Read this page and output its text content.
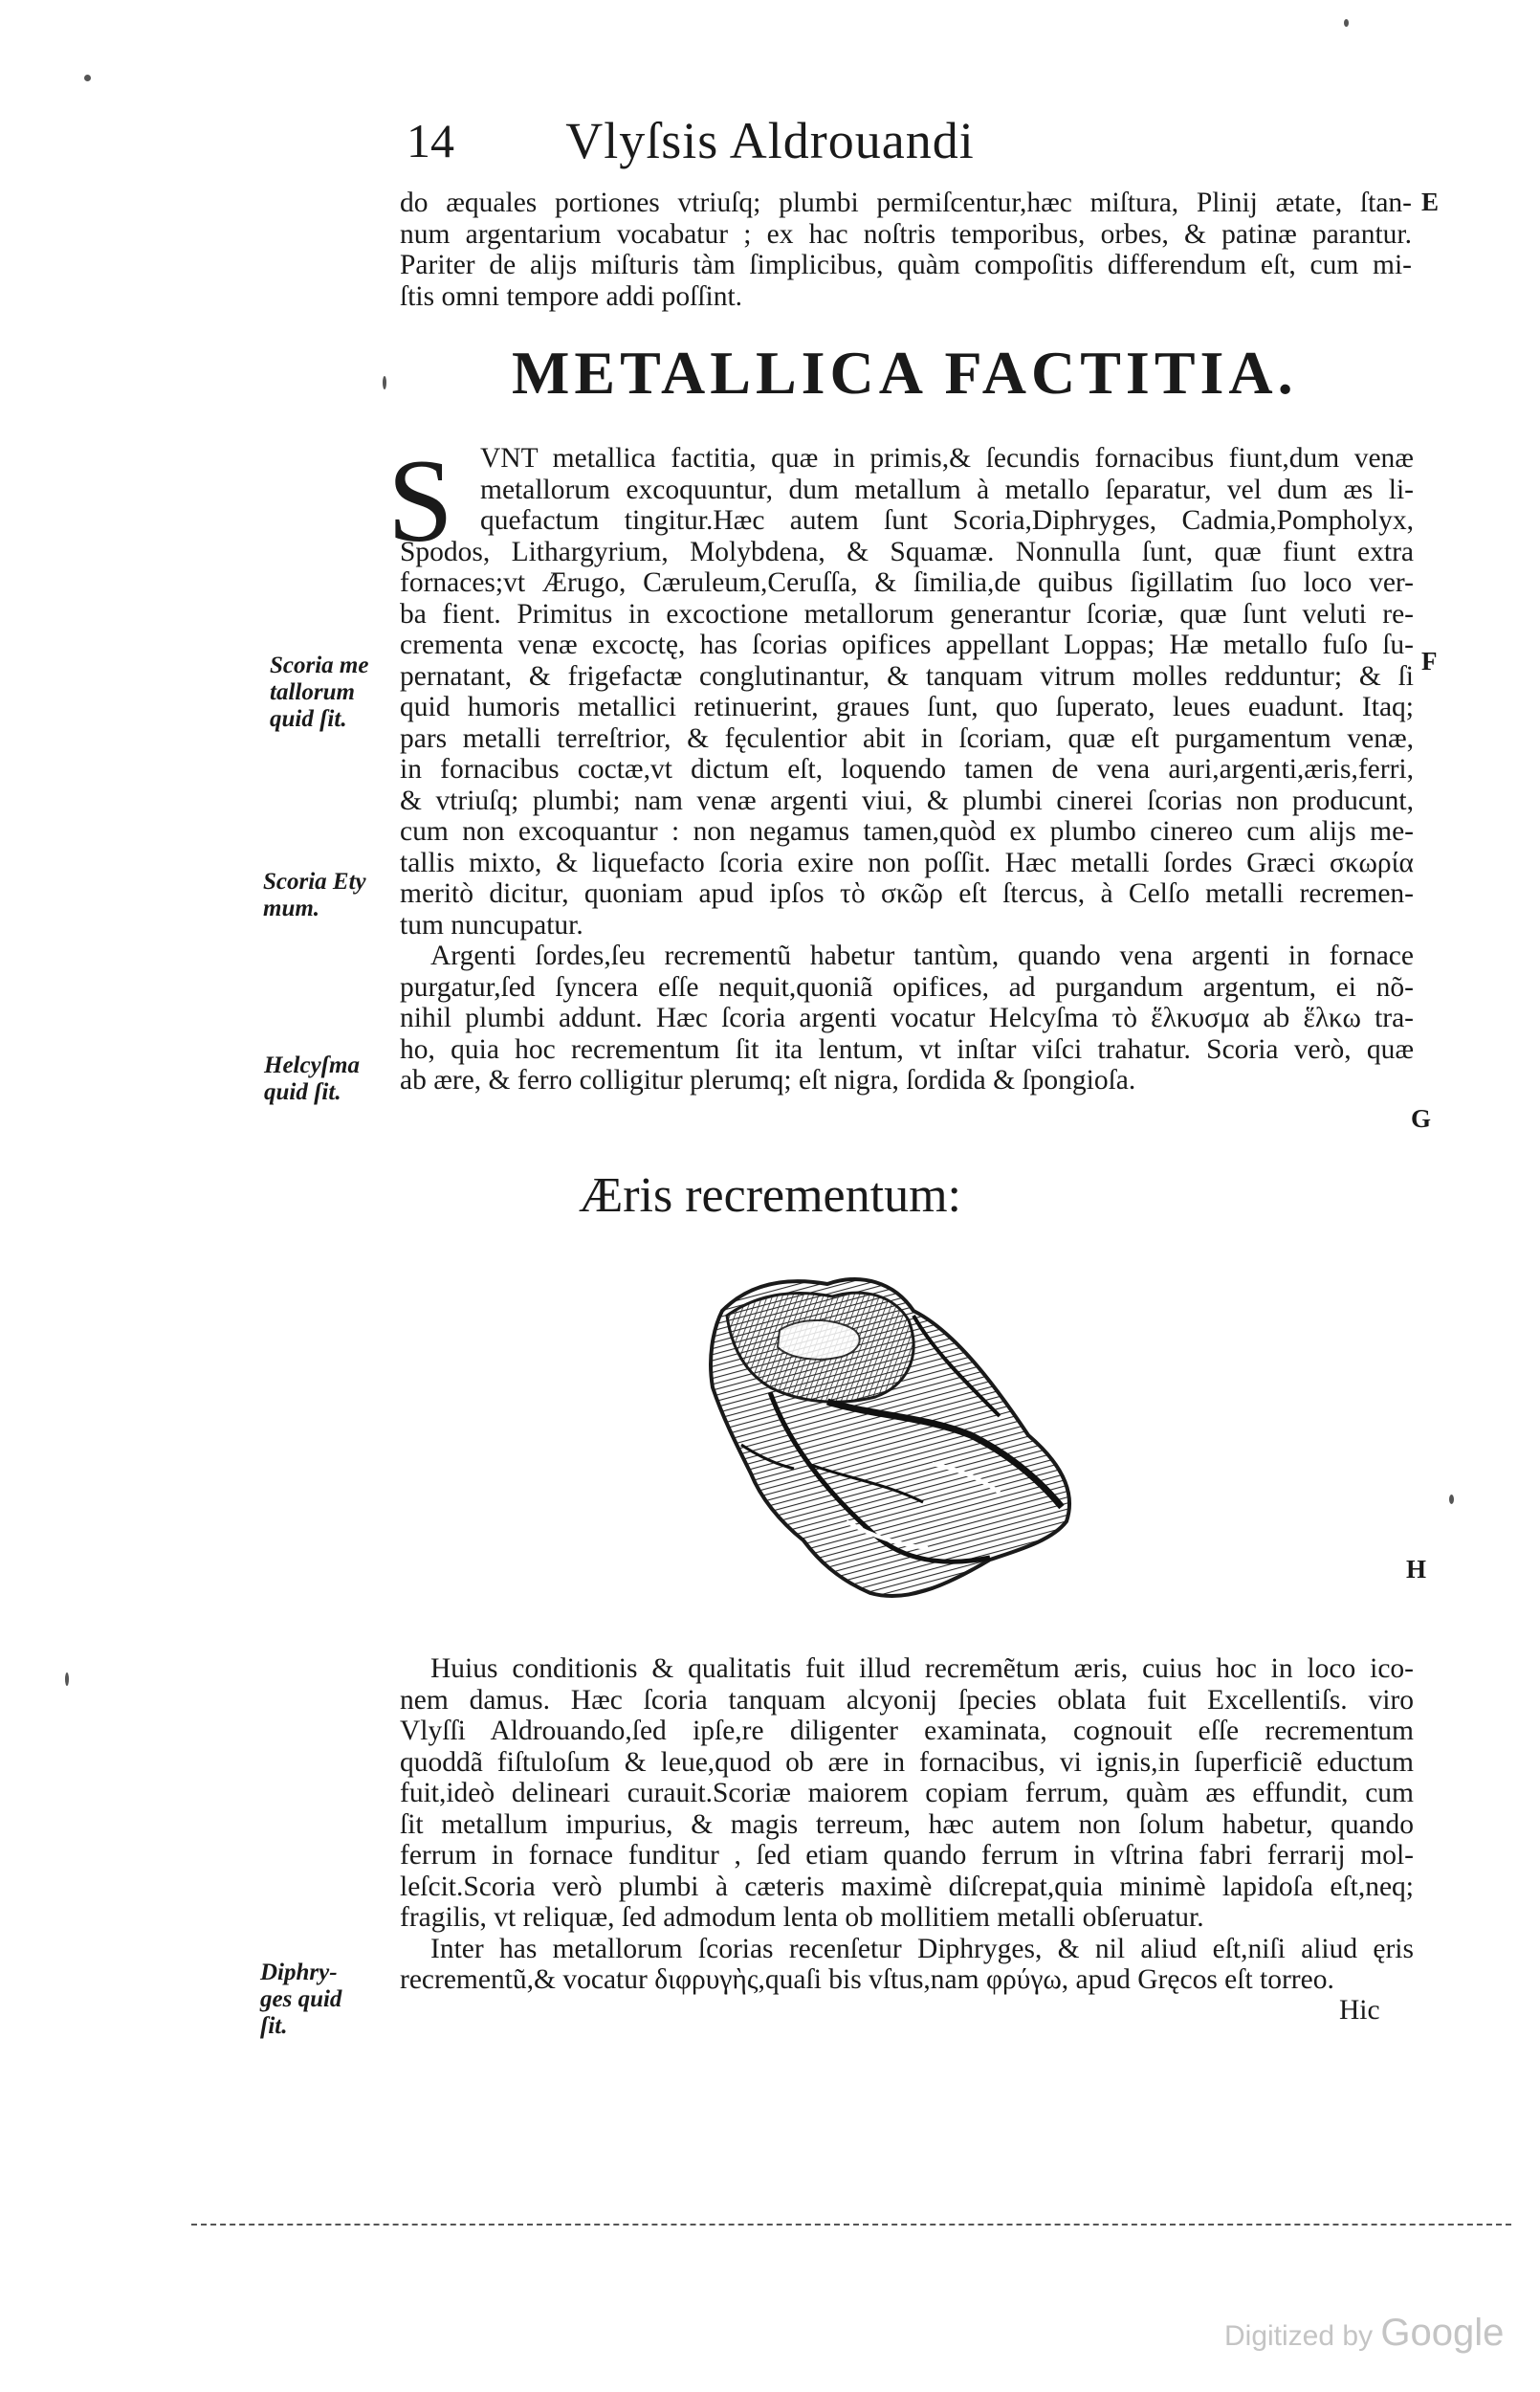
14	Vlyſsis Aldrouandi
do æquales portiones vtriuſq; plumbi permiſcentur,hæc miſtura, Plinij ætate, ſtan-
num argentarium vocabatur ; ex hac noſtris temporibus, orbes, & patinæ parantur.
Pariter de alijs miſturis tàm ſimplicibus, quàm compoſitis differendum eſt, cum mi-
ſtis omni tempore addi poſſint.
E
METALLICA FACTITIA.
S VNT metallica factitia, quæ in primis,& ſecundis fornacibus fiunt,dum venæ
metallorum excoquuntur, dum metallum à metallo ſeparatur, vel dum æs li-
quefactum tingitur.Hæc autem ſunt Scoria,Diphryges, Cadmia,Pompholyx,
Spodos, Lithargyrium, Molybdena, & Squamæ. Nonnulla ſunt, quæ fiunt extra
fornaces;vt Ærugo, Cæruleum,Ceruſſa, & ſimilia,de quibus ſigillatim ſuo loco ver-
ba fient. Primitus in excoctione metallorum generantur ſcoriæ, quæ ſunt veluti re-
crementa venæ excoctę, has ſcorias opifices appellant Loppas; Hæ metallo fuſo ſu-
pernatant, & frigefactæ conglutinantur, & tanquam vitrum molles redduntur; & ſi
quid humoris metallici retinuerint, graues ſunt, quo ſuperato, leues euadunt. Itaq;
pars metalli terreſtrior, & fęculentior abit in ſcoriam, quæ eſt purgamentum venæ,
in fornacibus coctæ,vt dictum eſt, loquendo tamen de vena auri,argenti,æris,ferri,
& vtriuſq; plumbi; nam venæ argenti viui, & plumbi cinerei ſcorias non producunt,
cum non excoquantur : non negamus tamen,quòd ex plumbo cinereo cum alijs me-
tallis mixto, & liquefacto ſcoria exire non poſſit. Hæc metalli ſordes Græci σκωρία
meritò dicitur, quoniam apud ipſos τὸ σκῶρ eſt ſtercus, à Celſo metalli recremen-
tum nuncupatur.
Argenti ſordes,ſeu recrementũ habetur tantùm, quando vena argenti in fornace
purgatur,ſed ſyncera eſſe nequit,quoniã opifices, ad purgandum argentum, ei nõ-
nihil plumbi addunt. Hæc ſcoria argenti vocatur Helcyſma τὸ ἕλκυσμα ab ἕλκω tra-
ho, quia hoc recrementum ſit ita lentum, vt inſtar viſci trahatur. Scoria verò, quæ
ab ære, & ferro colligitur plerumq; eſt nigra, ſordida & ſpongioſa.
Scoria me
tallorum
quid ſit.
Scoria Ety
mum.
Helcyſma
quid ſit.
Diphry-
ges quid
ſit.
F
G
H
Æris recrementum:
Huius conditionis & qualitatis fuit illud recremẽtum æris, cuius hoc in loco ico-
nem damus. Hæc ſcoria tanquam alcyonij ſpecies oblata fuit Excellentiſs. viro
Vlyſſi Aldrouando,ſed ipſe,re diligenter examinata, cognouit eſſe recrementum
quoddã fiſtuloſum & leue,quod ob ære in fornacibus, vi ignis,in ſuperficiẽ eductum
fuit,ideò delineari curauit.Scoriæ maiorem copiam ferrum, quàm æs effundit, cum
ſit metallum impurius, & magis terreum, hæc autem non ſolum habetur, quando
ferrum in fornace funditur , ſed etiam quando ferrum in vſtrina fabri ferrarij mol-
leſcit.Scoria verò plumbi à cæteris maximè diſcrepat,quia minimè lapidoſa eſt,neq;
fragilis, vt reliquæ, ſed admodum lenta ob mollitiem metalli obſeruatur.
Inter has metallorum ſcorias recenſetur Diphryges, & nil aliud eſt,niſi aliud ęris
recrementũ,& vocatur διφρυγὴς,quaſi bis vſtus,nam φρύγω, apud Gręcos eſt torreo.
Hic
Digitized by Google
